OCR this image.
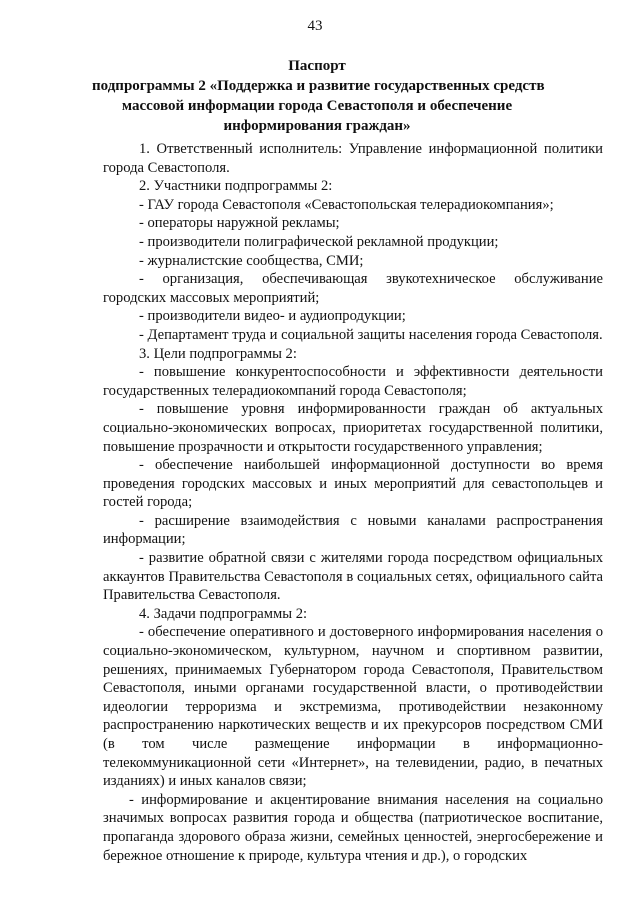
43
Паспорт
подпрограммы 2 «Поддержка и развитие государственных средств
массовой информации города Севастополя и обеспечение
информирования граждан»

1. Ответственный исполнитель: Управление информационной политики города Севастополя.

2. Участники подпрограммы 2:

- ГАУ города Севастополя «Севастопольская телерадиокомпания»;

- операторы наружной рекламы;

- производители полиграфической рекламной продукции;

- журналистские сообщества, СМИ;

- организация, обеспечивающая звукотехническое обслуживание городских массовых мероприятий;

- производители видео- и аудиопродукции;

- Департамент труда и социальной защиты населения города Севастополя.

3. Цели подпрограммы 2:

- повышение конкурентоспособности и эффективности деятельности государственных телерадиокомпаний города Севастополя;

- повышение уровня информированности граждан об актуальных социально-экономических вопросах, приоритетах государственной политики, повышение прозрачности и открытости государственного управления;

- обеспечение наибольшей информационной доступности во время проведения городских массовых и иных мероприятий для севастопольцев и гостей города;

- расширение взаимодействия с новыми каналами распространения информации;

- развитие обратной связи с жителями города посредством официальных аккаунтов Правительства Севастополя в социальных сетях, официального сайта Правительства Севастополя.

4. Задачи подпрограммы 2:

- обеспечение оперативного и достоверного информирования населения о социально-экономическом, культурном, научном и спортивном развитии, решениях, принимаемых Губернатором города Севастополя, Правительством Севастополя, иными органами государственной власти, о противодействии идеологии терроризма и экстремизма, противодействии незаконному распространению наркотических веществ и их прекурсоров посредством СМИ (в том числе размещение информации в информационно-телекоммуникационной сети «Интернет», на телевидении, радио, в печатных изданиях) и иных каналов связи;

- информирование и акцентирование внимания населения на социально значимых вопросах развития города и общества (патриотическое воспитание, пропаганда здорового образа жизни, семейных ценностей, энергосбережение и бережное отношение к природе, культура чтения и др.), о городских
